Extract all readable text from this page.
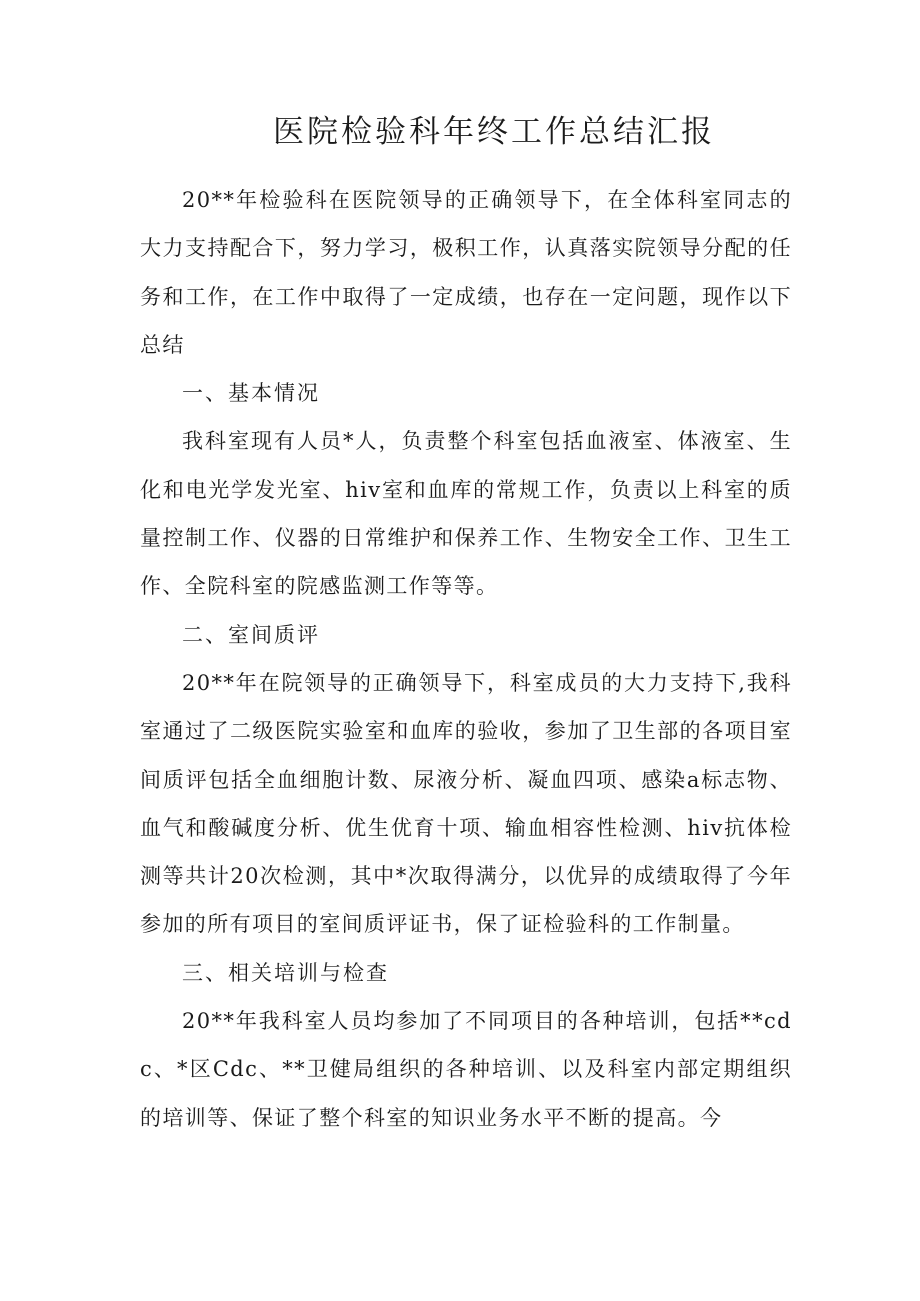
医院检验科年终工作总结汇报

20**年检验科在医院领导的正确领导下，在全体科室同志的大力支持配合下，努力学习，极积工作，认真落实院领导分配的任务和工作，在工作中取得了一定成绩，也存在一定问题，现作以下总结

一、基本情况

我科室现有人员*人，负责整个科室包括血液室、体液室、生化和电光学发光室、hiv室和血库的常规工作，负责以上科室的质量控制工作、仪器的日常维护和保养工作、生物安全工作、卫生工作、全院科室的院感监测工作等等。

二、室间质评

20**年在院领导的正确领导下，科室成员的大力支持下,我科室通过了二级医院实验室和血库的验收，参加了卫生部的各项目室间质评包括全血细胞计数、尿液分析、凝血四项、感染a标志物、血气和酸碱度分析、优生优育十项、输血相容性检测、hiv抗体检测等共计20次检测，其中*次取得满分，以优异的成绩取得了今年参加的所有项目的室间质评证书，保了证检验科的工作制量。

三、相关培训与检查

20**年我科室人员均参加了不同项目的各种培训，包括**cdc、*区Cdc、**卫健局组织的各种培训、以及科室内部定期组织的培训等、保证了整个科室的知识业务水平不断的提高。今
